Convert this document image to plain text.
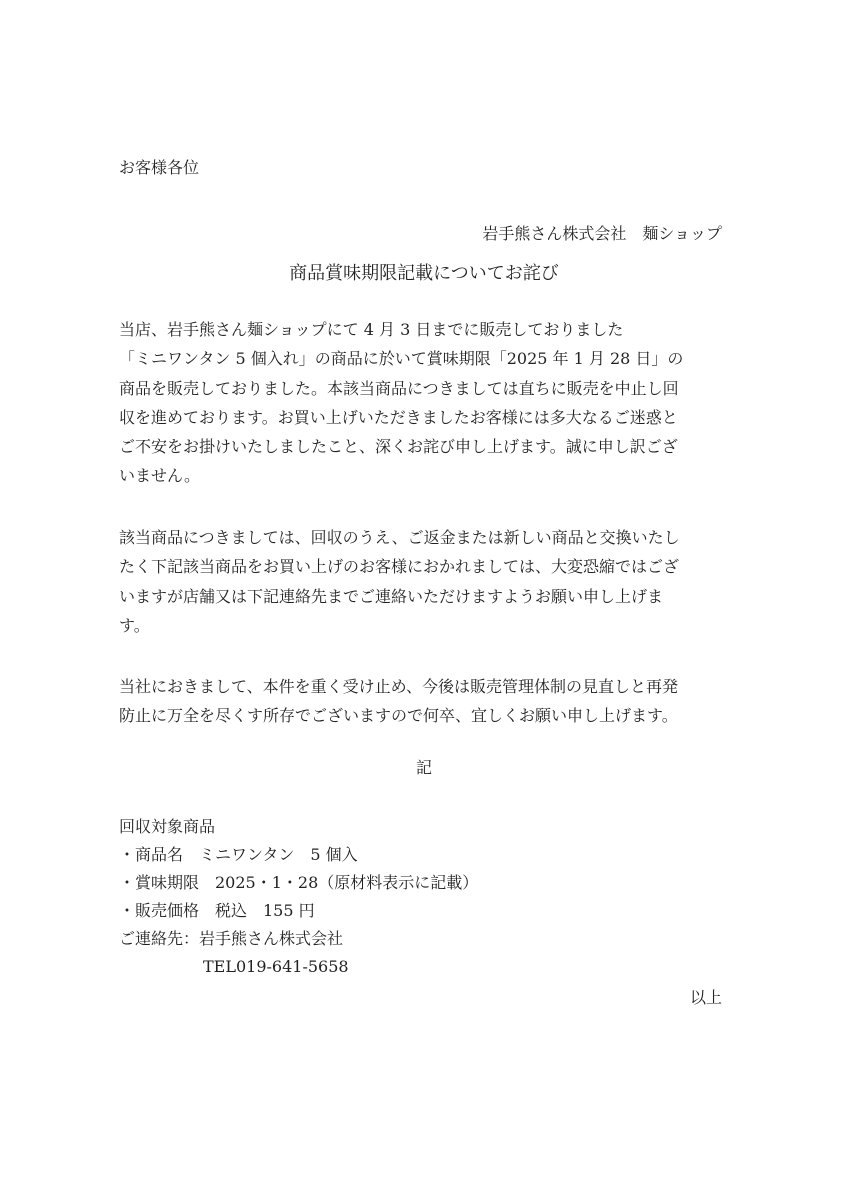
お客様各位
岩手熊さん株式会社　麺ショップ
商品賞味期限記載についてお詫び
当店、岩手熊さん麺ショップにて 4 月 3 日までに販売しておりました
「ミニワンタン 5 個入れ」の商品に於いて賞味期限「2025 年 1 月 28 日」の
商品を販売しておりました。本該当商品につきましては直ちに販売を中止し回
収を進めております。お買い上げいただきましたお客様には多大なるご迷惑と
ご不安をお掛けいたしましたこと、深くお詫び申し上げます。誠に申し訳ござ
いません。
該当商品につきましては、回収のうえ、ご返金または新しい商品と交換いたし
たく下記該当商品をお買い上げのお客様におかれましては、大変恐縮ではござ
いますが店舗又は下記連絡先までご連絡いただけますようお願い申し上げま
す。
当社におきまして、本件を重く受け止め、今後は販売管理体制の見直しと再発
防止に万全を尽くす所存でございますので何卒、宜しくお願い申し上げます。
記
回収対象商品
・商品名　ミニワンタン　5 個入
・賞味期限　2025・1・28（原材料表示に記載）
・販売価格　税込　155 円
ご連絡先：岩手熊さん株式会社
TEL019-641-5658
以上
